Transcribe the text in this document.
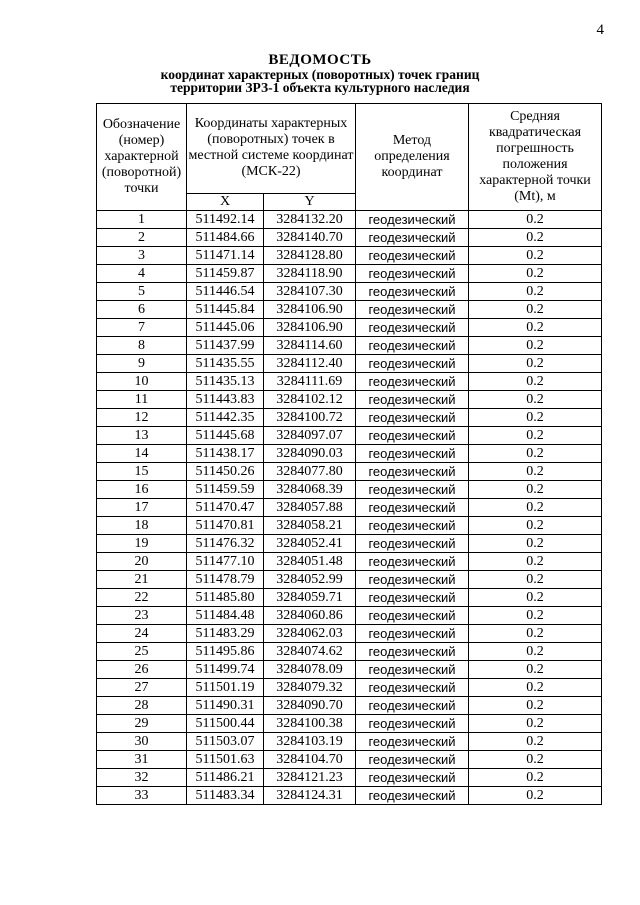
4
ВЕДОМОСТЬ
координат характерных (поворотных) точек границ
территории ЗРЗ-1 объекта культурного наследия
Обозначение (номер) характерной (поворотной) точки	Координаты характерных (поворотных) точек в местной системе координат (МСК-22)		Метод определения координат	Средняя квадратическая погрешность положения характерной точки (Mt), м
	X	Y		
1	511492.14	3284132.20	геодезический	0.2
2	511484.66	3284140.70	геодезический	0.2
3	511471.14	3284128.80	геодезический	0.2
4	511459.87	3284118.90	геодезический	0.2
5	511446.54	3284107.30	геодезический	0.2
6	511445.84	3284106.90	геодезический	0.2
7	511445.06	3284106.90	геодезический	0.2
8	511437.99	3284114.60	геодезический	0.2
9	511435.55	3284112.40	геодезический	0.2
10	511435.13	3284111.69	геодезический	0.2
11	511443.83	3284102.12	геодезический	0.2
12	511442.35	3284100.72	геодезический	0.2
13	511445.68	3284097.07	геодезический	0.2
14	511438.17	3284090.03	геодезический	0.2
15	511450.26	3284077.80	геодезический	0.2
16	511459.59	3284068.39	геодезический	0.2
17	511470.47	3284057.88	геодезический	0.2
18	511470.81	3284058.21	геодезический	0.2
19	511476.32	3284052.41	геодезический	0.2
20	511477.10	3284051.48	геодезический	0.2
21	511478.79	3284052.99	геодезический	0.2
22	511485.80	3284059.71	геодезический	0.2
23	511484.48	3284060.86	геодезический	0.2
24	511483.29	3284062.03	геодезический	0.2
25	511495.86	3284074.62	геодезический	0.2
26	511499.74	3284078.09	геодезический	0.2
27	511501.19	3284079.32	геодезический	0.2
28	511490.31	3284090.70	геодезический	0.2
29	511500.44	3284100.38	геодезический	0.2
30	511503.07	3284103.19	геодезический	0.2
31	511501.63	3284104.70	геодезический	0.2
32	511486.21	3284121.23	геодезический	0.2
33	511483.34	3284124.31	геодезический	0.2
